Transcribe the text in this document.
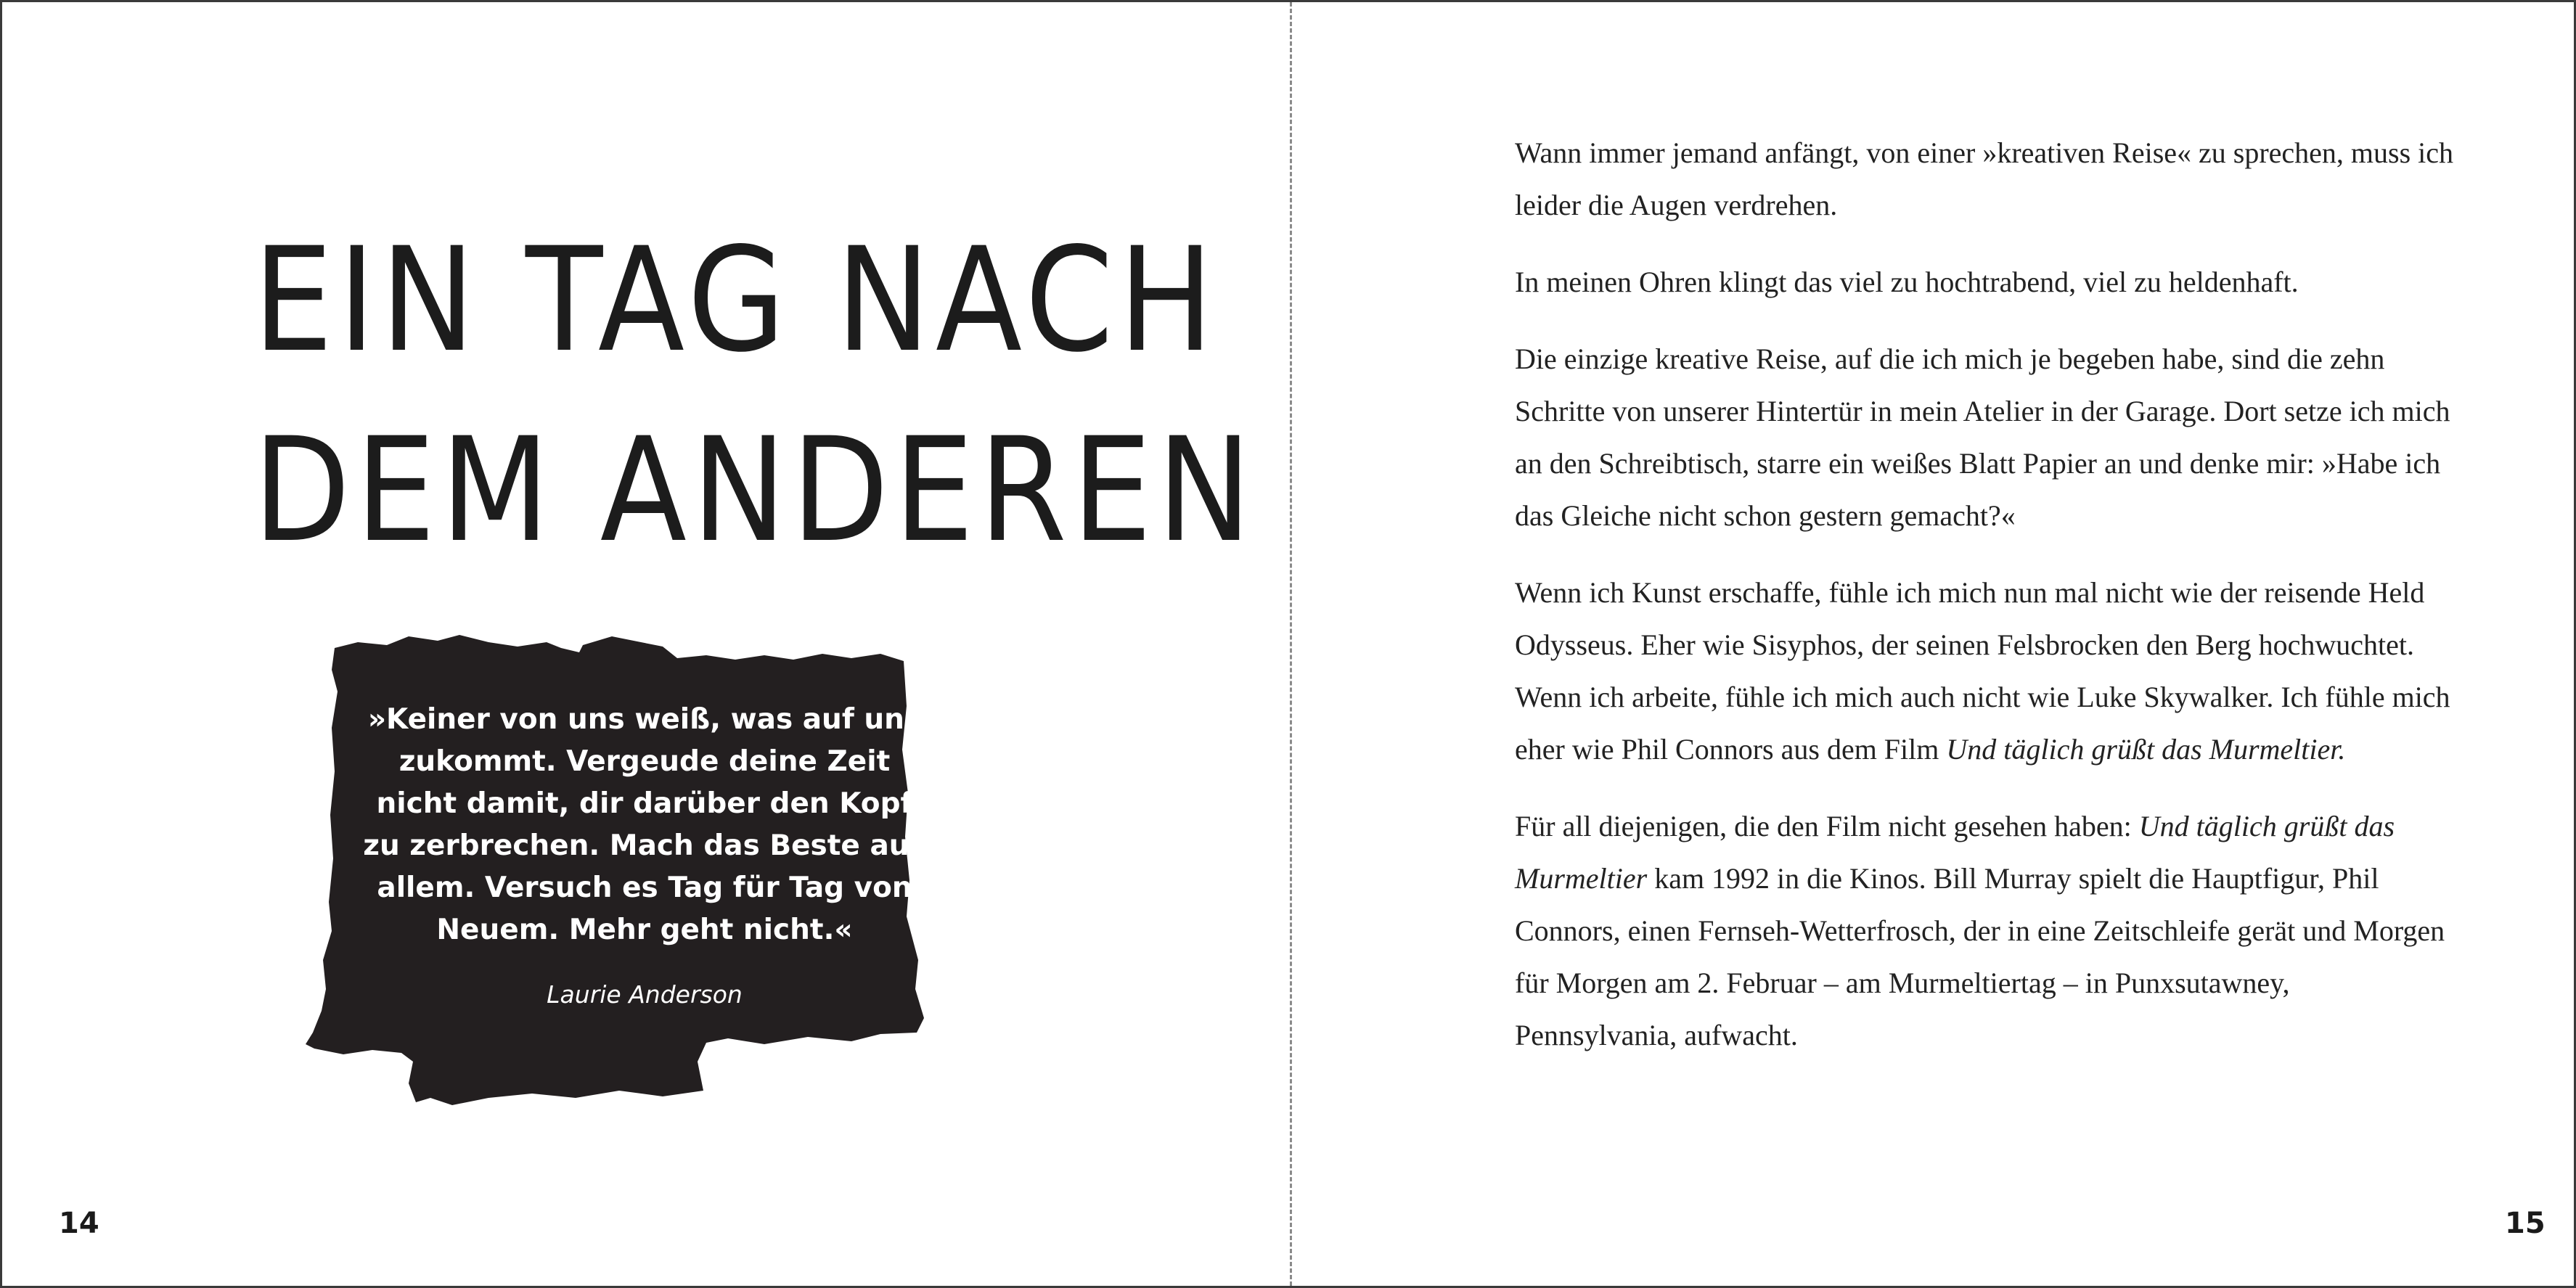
EIN TAG NACH
DEM ANDEREN
»Keiner von uns weiß, was auf uns zukommt. Vergeude deine Zeit nicht damit, dir darüber den Kopf zu zerbrechen. Mach das Beste aus allem. Versuch es Tag für Tag von Neuem. Mehr geht nicht.«
Laurie Anderson
14

Wann immer jemand anfängt, von einer »kreativen Reise« zu sprechen, muss ich leider die Augen verdrehen.

In meinen Ohren klingt das viel zu hochtrabend, viel zu heldenhaft.

Die einzige kreative Reise, auf die ich mich je begeben habe, sind die zehn Schritte von unserer Hintertür in mein Atelier in der Garage. Dort setze ich mich an den Schreibtisch, starre ein weißes Blatt Papier an und denke mir: »Habe ich das Gleiche nicht schon gestern gemacht?«

Wenn ich Kunst erschaffe, fühle ich mich nun mal nicht wie der reisende Held Odysseus. Eher wie Sisyphos, der seinen Felsbrocken den Berg hochwuchtet. Wenn ich arbeite, fühle ich mich auch nicht wie Luke Skywalker. Ich fühle mich eher wie Phil Connors aus dem Film Und täglich grüßt das Murmeltier.

Für all diejenigen, die den Film nicht gesehen haben: Und täglich grüßt das Murmeltier kam 1992 in die Kinos. Bill Murray spielt die Hauptfigur, Phil Connors, einen Fernseh-Wetterfrosch, der in eine Zeitschleife gerät und Morgen für Morgen am 2. Februar – am Murmeltiertag – in Punxsutawney, Pennsylvania, aufwacht.

15
